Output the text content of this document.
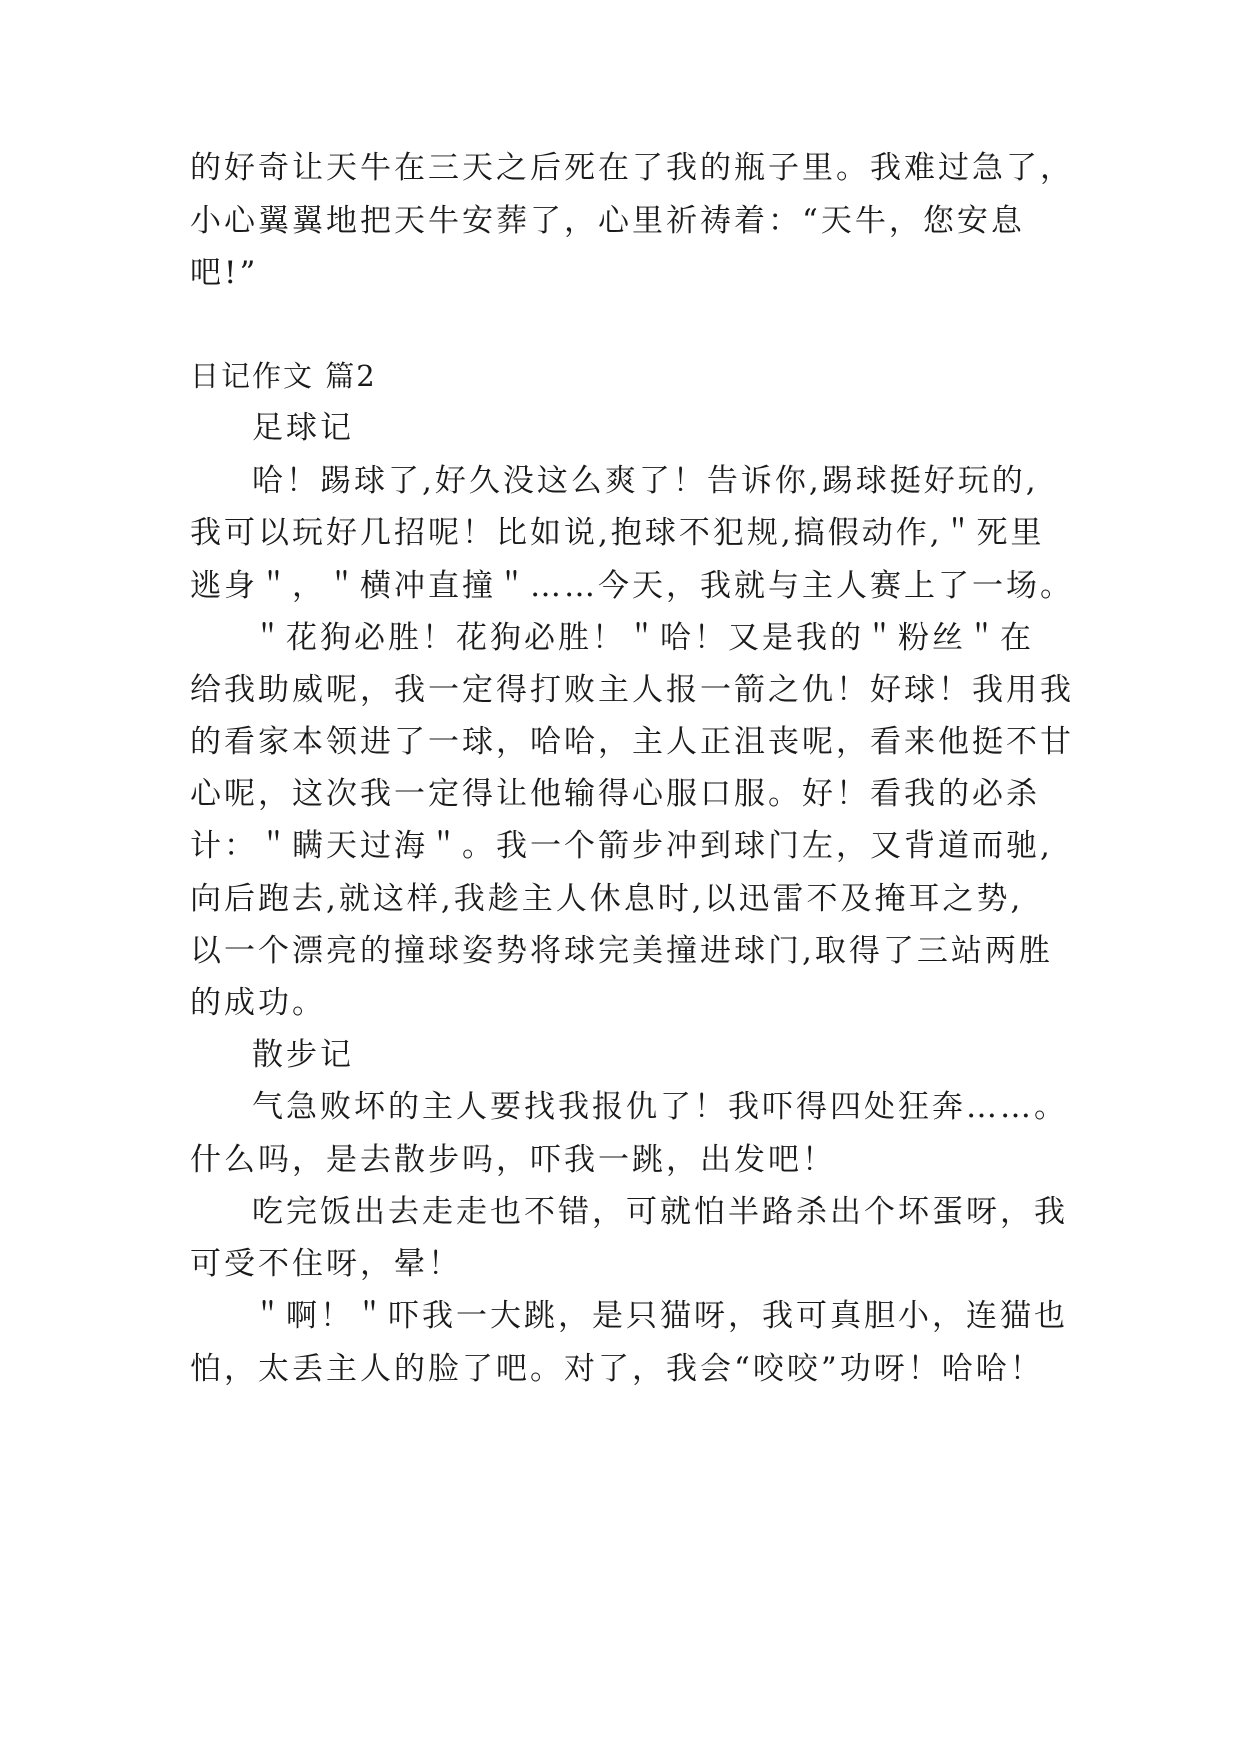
的好奇让天牛在三天之后死在了我的瓶子里。我难过急了，
小心翼翼地把天牛安葬了，心里祈祷着：“天牛，您安息
吧!”
日记作文 篇2
足球记
哈！踢球了,好久没这么爽了！告诉你,踢球挺好玩的,
我可以玩好几招呢！比如说,抱球不犯规,搞假动作,＂死里
逃身＂，＂横冲直撞＂……今天，我就与主人赛上了一场。
＂花狗必胜！花狗必胜！＂哈！又是我的＂粉丝＂在
给我助威呢，我一定得打败主人报一箭之仇！好球！我用我
的看家本领进了一球，哈哈，主人正沮丧呢，看来他挺不甘
心呢，这次我一定得让他输得心服口服。好！看我的必杀
计：＂瞒天过海＂。我一个箭步冲到球门左，又背道而驰,
向后跑去,就这样,我趁主人休息时,以迅雷不及掩耳之势,
以一个漂亮的撞球姿势将球完美撞进球门,取得了三站两胜
的成功。
散步记
气急败坏的主人要找我报仇了！我吓得四处狂奔……。
什么吗，是去散步吗，吓我一跳，出发吧！
吃完饭出去走走也不错，可就怕半路杀出个坏蛋呀，我
可受不住呀，晕！
＂啊！＂吓我一大跳，是只猫呀，我可真胆小，连猫也
怕，太丢主人的脸了吧。对了，我会“咬咬”功呀！哈哈！
